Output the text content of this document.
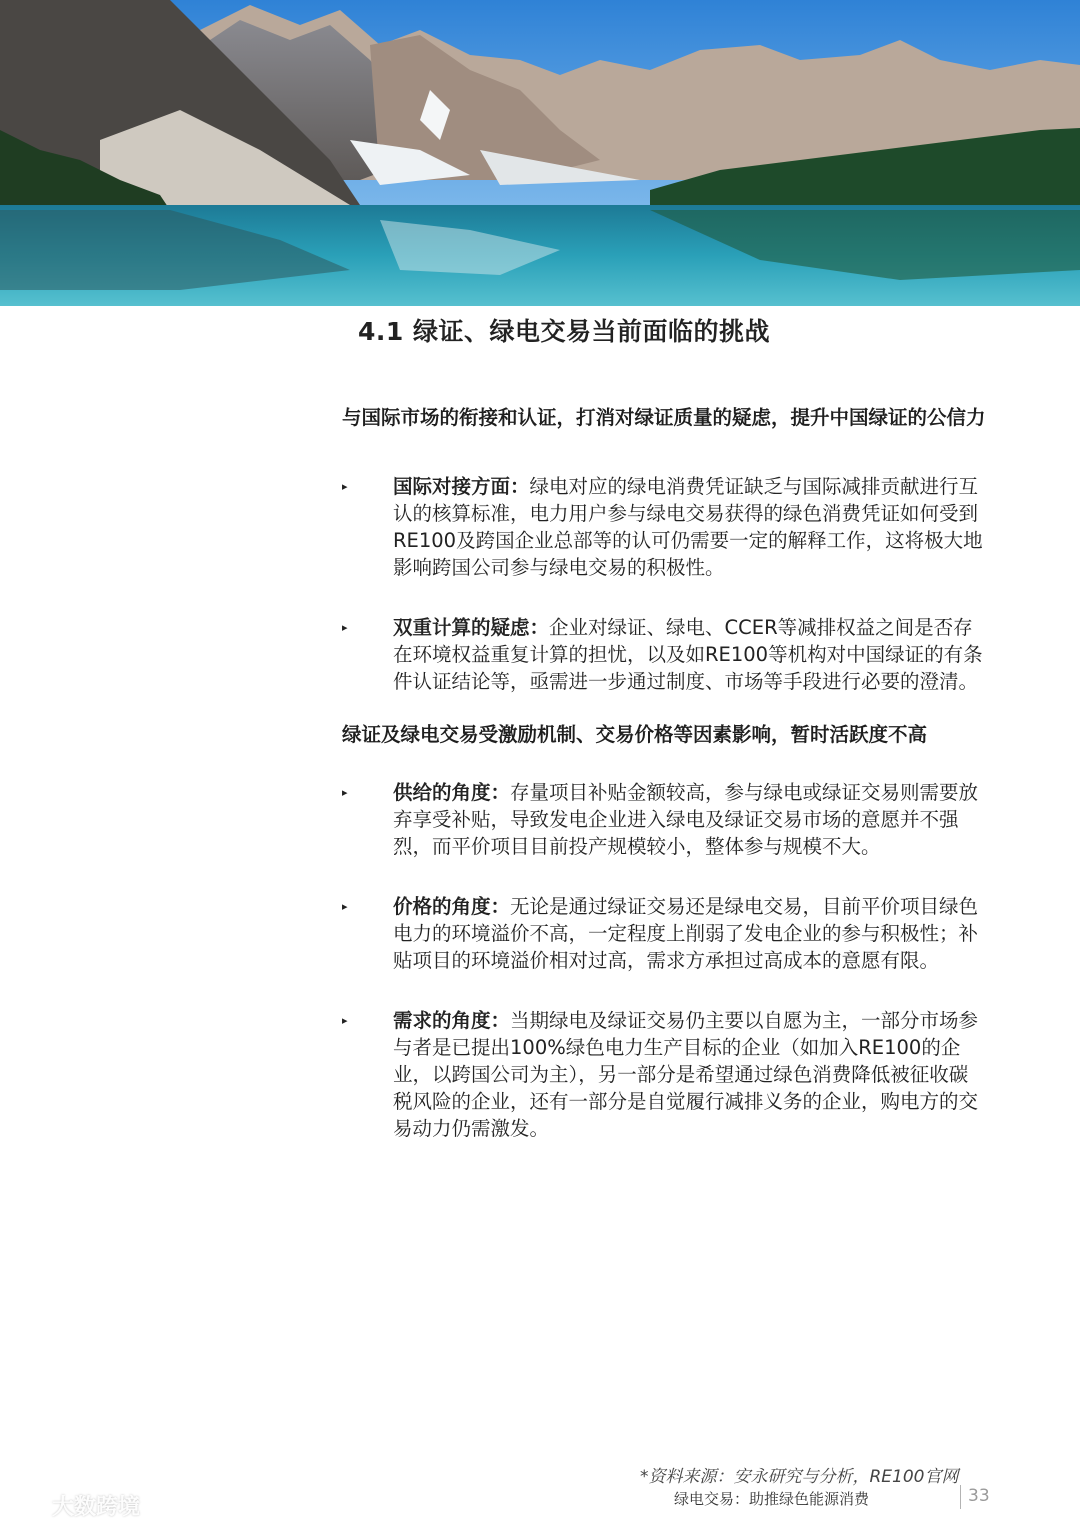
4.1 绿证、绿电交易当前面临的挑战

与国际市场的衔接和认证，打消对绿证质量的疑虑，提升中国绿证的公信力

▸ 国际对接方面：绿电对应的绿电消费凭证缺乏与国际减排贡献进行互认的核算标准，电力用户参与绿电交易获得的绿色消费凭证如何受到RE100及跨国企业总部等的认可仍需要一定的解释工作，这将极大地影响跨国公司参与绿电交易的积极性。
▸ 双重计算的疑虑：企业对绿证、绿电、CCER等减排权益之间是否存在环境权益重复计算的担忧，以及如RE100等机构对中国绿证的有条件认证结论等，亟需进一步通过制度、市场等手段进行必要的澄清。

绿证及绿电交易受激励机制、交易价格等因素影响，暂时活跃度不高

▸ 供给的角度：存量项目补贴金额较高，参与绿电或绿证交易则需要放弃享受补贴，导致发电企业进入绿电及绿证交易市场的意愿并不强烈，而平价项目目前投产规模较小，整体参与规模不大。
▸ 价格的角度：无论是通过绿证交易还是绿电交易，目前平价项目绿色电力的环境溢价不高，一定程度上削弱了发电企业的参与积极性；补贴项目的环境溢价相对过高，需求方承担过高成本的意愿有限。
▸ 需求的角度：当期绿电及绿证交易仍主要以自愿为主，一部分市场参与者是已提出100%绿色电力生产目标的企业（如加入RE100的企业，以跨国公司为主），另一部分是希望通过绿色消费降低被征收碳税风险的企业，还有一部分是自觉履行减排义务的企业，购电方的交易动力仍需激发。
*资料来源：安永研究与分析，RE100官网
绿电交易：助推绿色能源消费	33
大数跨境
